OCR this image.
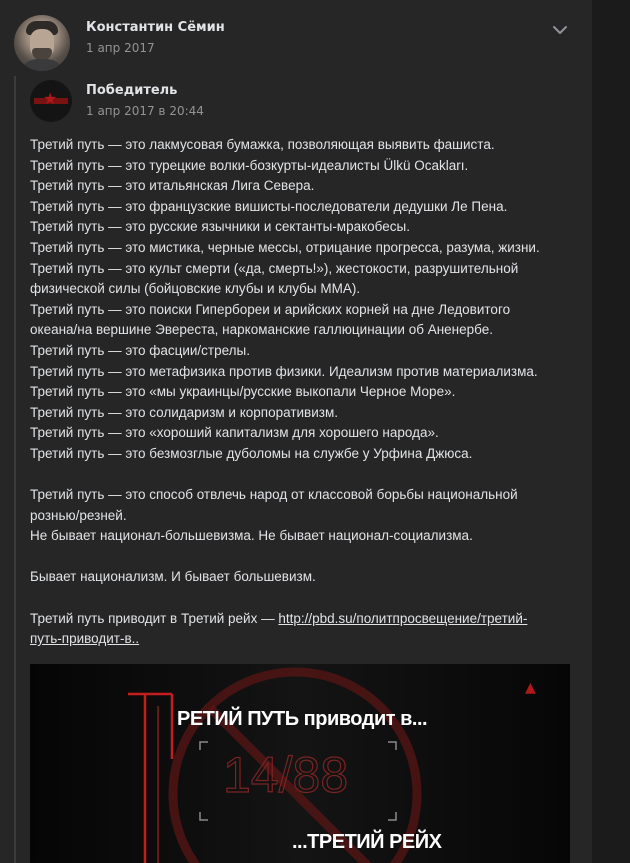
Константин Сёмин
1 апр 2017
★ Победитель
1 апр 2017 в 20:44
Третий путь — это лакмусовая бумажка, позволяющая выявить фашиста.
Третий путь — это турецкие волки-бозкурты-идеалисты Ülkü Ocakları.
Третий путь — это итальянская Лига Севера.
Третий путь — это французские вишисты-последователи дедушки Ле Пена.
Третий путь — это русские язычники и сектанты-мракобесы.
Третий путь — это мистика, черные мессы, отрицание прогресса, разума, жизни.
Третий путь — это культ смерти («да, смерть!»), жестокости, разрушительной
физической силы (бойцовские клубы и клубы ММА).
Третий путь — это поиски Гипербореи и арийских корней на дне Ледовитого
океана/на вершине Эвереста, наркоманские галлюцинации об Аненербе.
Третий путь — это фасции/стрелы.
Третий путь — это метафизика против физики. Идеализм против материализма.
Третий путь — это «мы украинцы/русские выкопали Черное Море».
Третий путь — это солидаризм и корпоративизм.
Третий путь — это «хороший капитализм для хорошего народа».
Третий путь — это безмозглые дуболомы на службе у Урфина Джюса.
Третий путь — это способ отвлечь народ от классовой борьбы национальной
рознью/резней.
Не бывает национал-большевизма. Не бывает национал-социализма.
Бывает национализм. И бывает большевизм.
Третий путь приводит в Третий рейх — http://pbd.su/политпросвещение/третий-
путь-приводит-в..
РЕТИЙ ПУТЬ приводит в...
14/88
...ТРЕТИЙ РЕЙХ
▲
